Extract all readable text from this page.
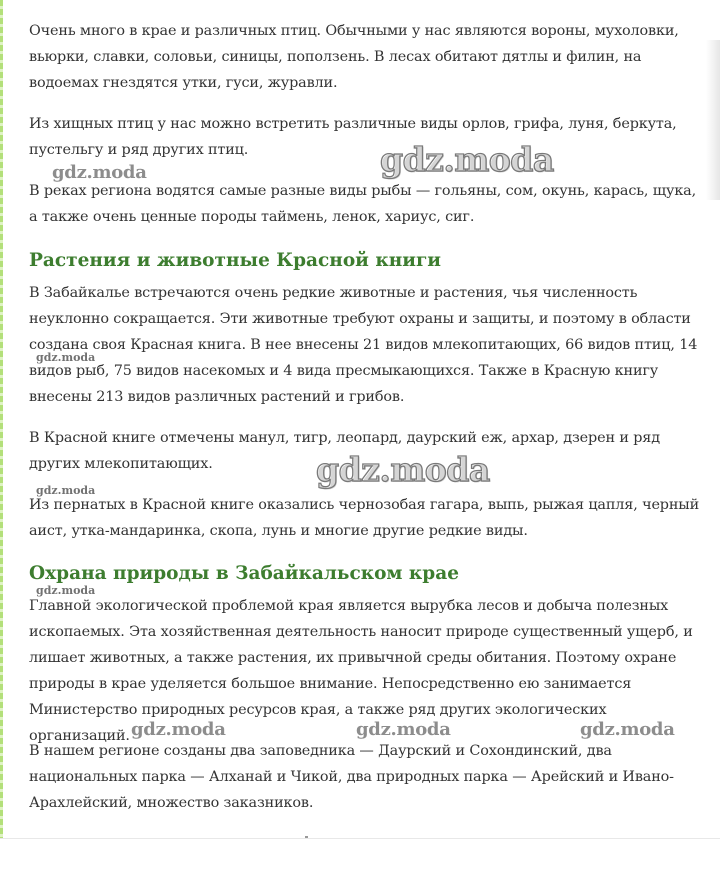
Очень много в крае и различных птиц. Обычными у нас являются вороны, мухоловки, вьюрки, славки, соловьи, синицы, поползень. В лесах обитают дятлы и филин, на водоемах гнездятся утки, гуси, журавли.

Из хищных птиц у нас можно встретить различные виды орлов, грифа, луня, беркута, пустельгу и ряд других птиц.

В реках региона водятся самые разные виды рыбы — гольяны, сом, окунь, карась, щука, а также очень ценные породы таймень, ленок, хариус, сиг.

Растения и животные Красной книги

В Забайкалье встречаются очень редкие животные и растения, чья численность неуклонно сокращается. Эти животные требуют охраны и защиты, и поэтому в области создана своя Красная книга. В нее внесены 21 видов млекопитающих, 66 видов птиц, 14 видов рыб, 75 видов насекомых и 4 вида пресмыкающихся. Также в Красную книгу внесены 213 видов различных растений и грибов.

В Красной книге отмечены манул, тигр, леопард, даурский еж, архар, дзерен и ряд других млекопитающих.

Из пернатых в Красной книге оказались чернозобая гагара, выпь, рыжая цапля, черный аист, утка-мандаринка, скопа, лунь и многие другие редкие виды.

Охрана природы в Забайкальском крае

Главной экологической проблемой края является вырубка лесов и добыча полезных ископаемых. Эта хозяйственная деятельность наносит природе существенный ущерб, и лишает животных, а также растения, их привычной среды обитания. Поэтому охране природы в крае уделяется большое внимание. Непосредственно ею занимается Министерство природных ресурсов края, а также ряд других экологических организаций.

В нашем регионе созданы два заповедника — Даурский и Сохондинский, два национальных парка — Алханай и Чикой, два природных парка — Арейский и Ивано-Арахлейский, множество заказников.

gdz.moda
gdz.moda
gdz.moda
gdz.moda	gdz.moda	gdz.moda
gdz.moda
gdz.moda
gdz.moda
